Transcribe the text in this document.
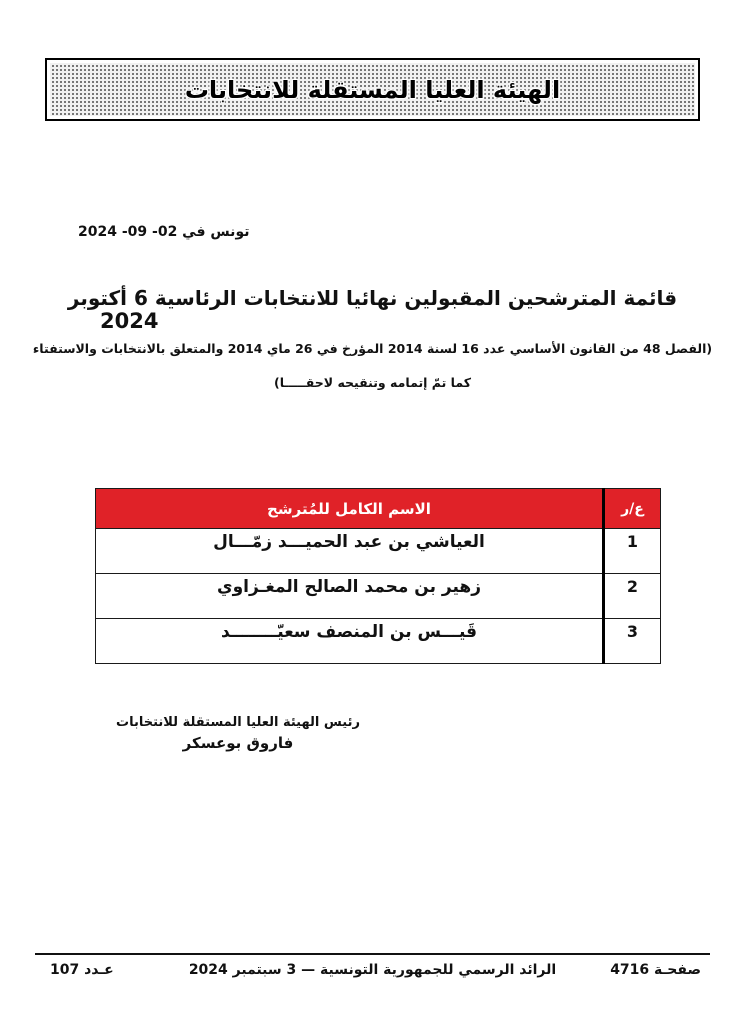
الهيئة العليا المستقلة للانتخابات
تونس في 02- 09- 2024
قائمة المترشحين المقبولين نهائيا للانتخابات الرئاسية 6 أكتوبر
2024
(الفصل 48 من القانون الأساسي عدد 16 لسنة 2014 المؤرخ في 26 ماي 2014 والمتعلق بالانتخابات والاستفتاء
كما تمّ إتمامه وتنقيحه لاحقـــــا)
ع/ر	الاسم الكامل للمُترشح
1	العياشي بن عبد الحميـــد زمّـــال
2	زهير بن محمد الصالح المغـزاوي
3	قَيـــس بن المنصف سعيّــــــــد
رئيس الهيئة العليا المستقلة للانتخابات
فاروق بوعسكر
الرائد الرسمي للجمهورية التونسية — 3 سبتمبر 2024	صفحـة 4716
عـدد 107
